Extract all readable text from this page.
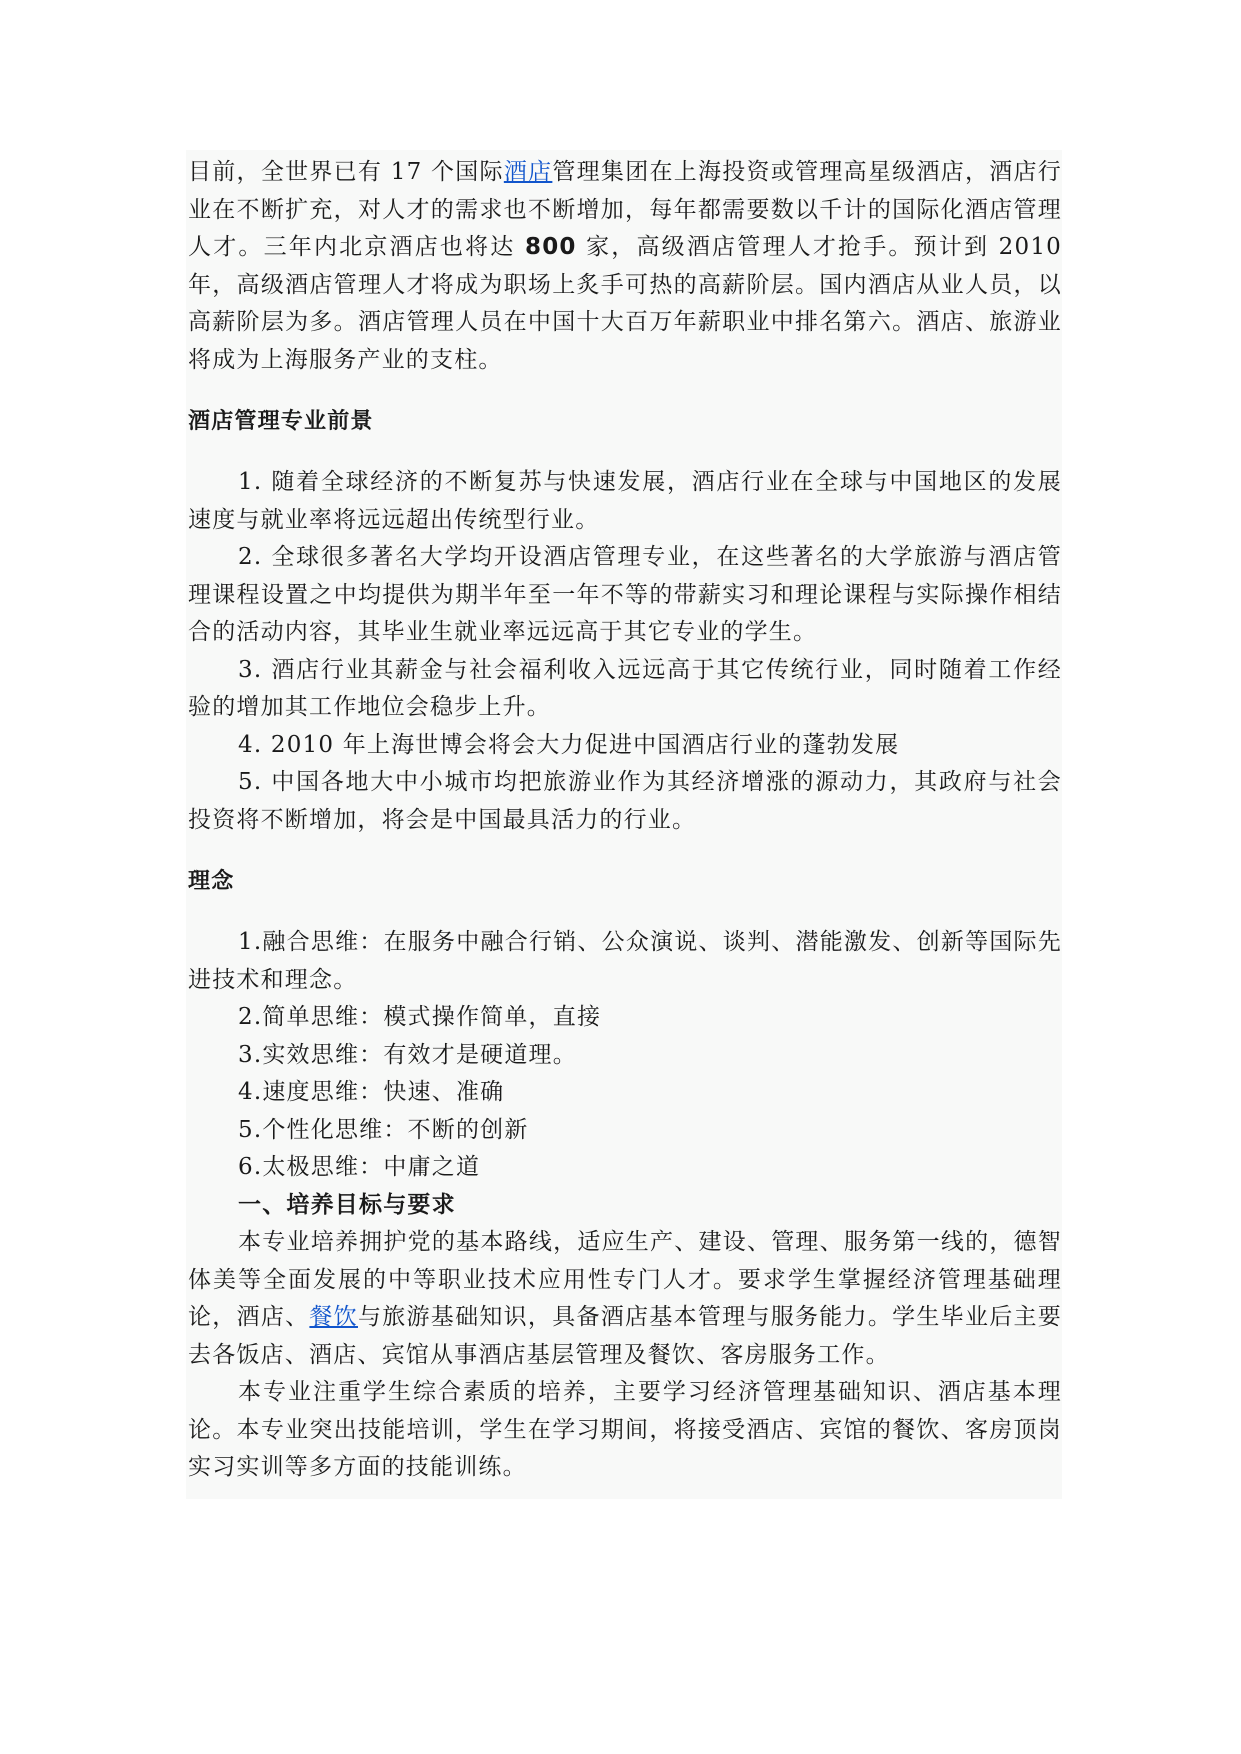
目前，全世界已有 17 个国际酒店管理集团在上海投资或管理高星级酒店，酒店行业在不断扩充，对人才的需求也不断增加，每年都需要数以千计的国际化酒店管理人才。三年内北京酒店也将达 800 家，高级酒店管理人才抢手。预计到 2010 年，高级酒店管理人才将成为职场上炙手可热的高薪阶层。国内酒店从业人员，以高薪阶层为多。酒店管理人员在中国十大百万年薪职业中排名第六。酒店、旅游业将成为上海服务产业的支柱。

酒店管理专业前景

1. 随着全球经济的不断复苏与快速发展，酒店行业在全球与中国地区的发展速度与就业率将远远超出传统型行业。

2. 全球很多著名大学均开设酒店管理专业，在这些著名的大学旅游与酒店管理课程设置之中均提供为期半年至一年不等的带薪实习和理论课程与实际操作相结合的活动内容，其毕业生就业率远远高于其它专业的学生。

3. 酒店行业其薪金与社会福利收入远远高于其它传统行业，同时随着工作经验的增加其工作地位会稳步上升。

4. 2010 年上海世博会将会大力促进中国酒店行业的蓬勃发展

5. 中国各地大中小城市均把旅游业作为其经济增涨的源动力，其政府与社会投资将不断增加，将会是中国最具活力的行业。

理念

1.融合思维：在服务中融合行销、公众演说、谈判、潜能激发、创新等国际先进技术和理念。

2.简单思维：模式操作简单，直接

3.实效思维：有效才是硬道理。

4.速度思维：快速、准确

5.个性化思维：不断的创新

6.太极思维：中庸之道

一、培养目标与要求

本专业培养拥护党的基本路线，适应生产、建设、管理、服务第一线的，德智体美等全面发展的中等职业技术应用性专门人才。要求学生掌握经济管理基础理论，酒店、餐饮与旅游基础知识，具备酒店基本管理与服务能力。学生毕业后主要去各饭店、酒店、宾馆从事酒店基层管理及餐饮、客房服务工作。

本专业注重学生综合素质的培养，主要学习经济管理基础知识、酒店基本理论。本专业突出技能培训，学生在学习期间，将接受酒店、宾馆的餐饮、客房顶岗实习实训等多方面的技能训练。
